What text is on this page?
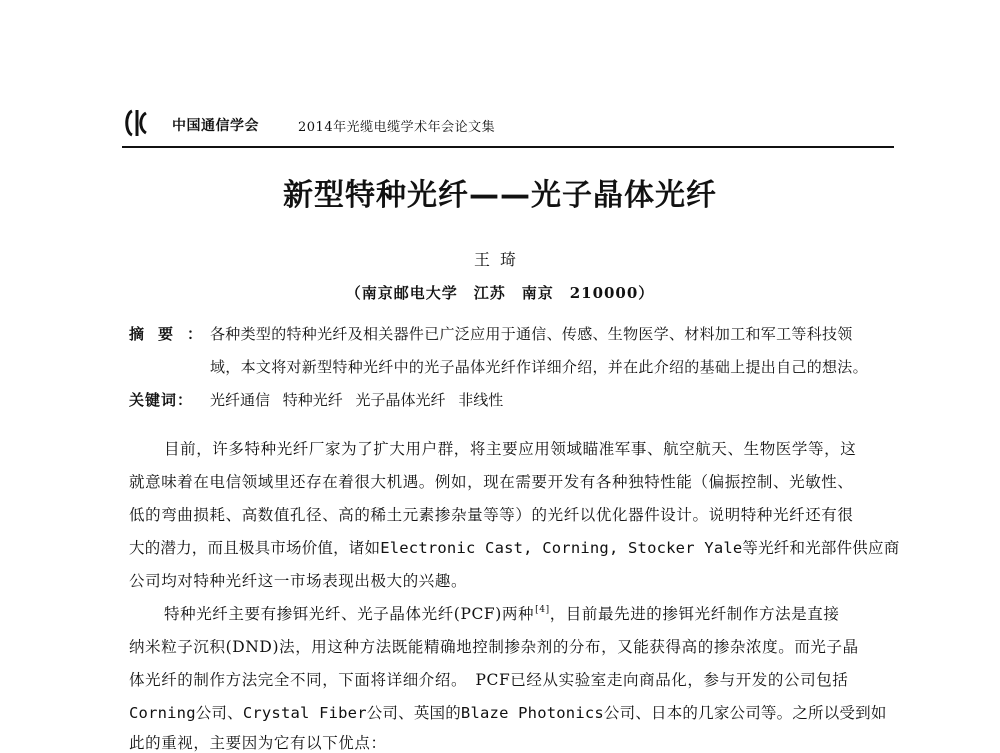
中国通信学会	2014年光缆电缆学术年会论文集
新型特种光纤——光子晶体光纤
王琦
（南京邮电大学　江苏　南京　210000）
摘要：
各种类型的特种光纤及相关器件已广泛应用于通信、传感、生物医学、材料加工和军工等科技领
域，本文将对新型特种光纤中的光子晶体光纤作详细介绍，并在此介绍的基础上提出自己的想法。
关键词： 光纤通信 特种光纤 光子晶体光纤 非线性
目前，许多特种光纤厂家为了扩大用户群，将主要应用领域瞄准军事、航空航天、生物医学等，这
就意味着在电信领域里还存在着很大机遇。例如，现在需要开发有各种独特性能（偏振控制、光敏性、
低的弯曲损耗、高数值孔径、高的稀土元素掺杂量等等）的光纤以优化器件设计。说明特种光纤还有很
大的潜力，而且极具市场价值，诸如Electronic Cast, Corning, Stocker Yale等光纤和光部件供应商
公司均对特种光纤这一市场表现出极大的兴趣。
特种光纤主要有掺铒光纤、光子晶体光纤(PCF)两种[4]，目前最先进的掺铒光纤制作方法是直接
纳米粒子沉积(DND)法，用这种方法既能精确地控制掺杂剂的分布，又能获得高的掺杂浓度。而光子晶
体光纤的制作方法完全不同，下面将详细介绍。　PCF已经从实验室走向商品化，参与开发的公司包括
Corning公司、Crystal Fiber公司、英国的Blaze Photonics公司、日本的几家公司等。之所以受到如
此的重视，主要因为它有以下优点：
